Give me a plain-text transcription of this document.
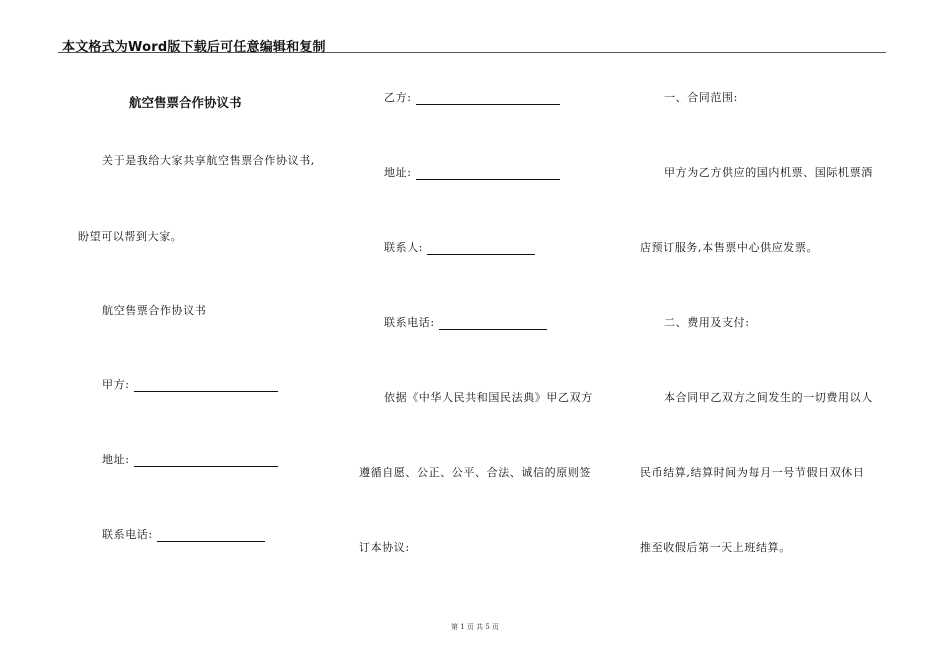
本文格式为Word版下载后可任意编辑和复制
航空售票合作协议书
关于是我给大家共享航空售票合作协议书,
盼望可以帮到大家。
航空售票合作协议书
甲方:
地址:
联系电话:
乙方:
地址:
联系人:
联系电话:
依据《中华人民共和国民法典》甲乙双方
遵循自愿、公正、公平、合法、诚信的原则签
订本协议:
一、合同范围:
甲方为乙方供应的国内机票、国际机票酒
店预订服务,本售票中心供应发票。
二、费用及支付:
本合同甲乙双方之间发生的一切费用以人
民币结算,结算时间为每月一号节假日双休日
推至收假后第一天上班结算。
第 1 页 共 5 页
